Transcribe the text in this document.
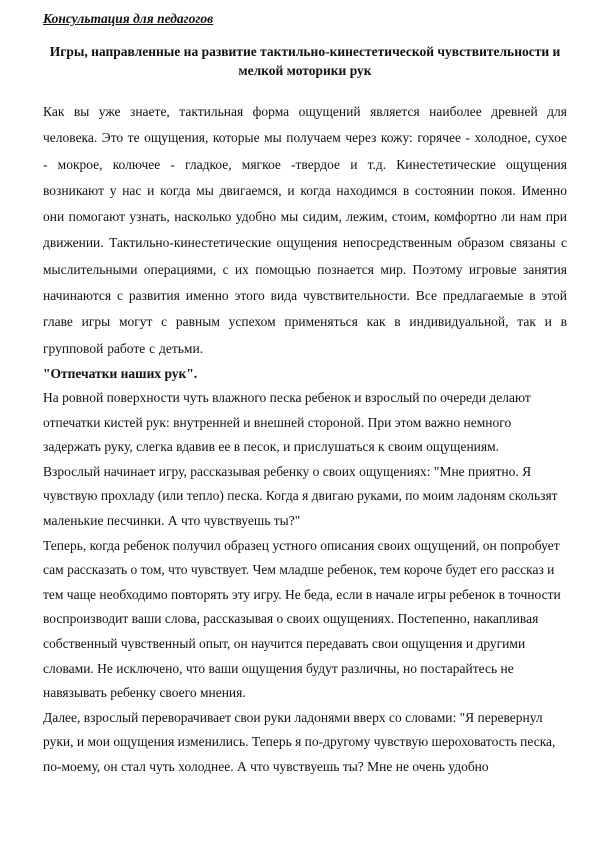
Консультация для педагогов

Игры, направленные на развитие тактильно-кинестетической чувствительности и мелкой моторики рук

Как вы уже знаете, тактильная форма ощущений является наиболее древней для человека. Это те ощущения, которые мы получаем через кожу: горячее - холодное, сухое - мокрое, колючее - гладкое, мягкое -твердое и т.д. Кинестетические ощущения возникают у нас и когда мы двигаемся, и когда находимся в состоянии покоя. Именно они помогают узнать, насколько удобно мы сидим, лежим, стоим, комфортно ли нам при движении. Тактильно-кинестетические ощущения непосредственным образом связаны с мыслительными операциями, с их помощью познается мир. Поэтому игровые занятия начинаются с развития именно этого вида чувствительности. Все предлагаемые в этой главе игры могут с равным успехом применяться как в индивидуальной, так и в групповой работе с детьми.

"Отпечатки наших рук".

На ровной поверхности чуть влажного песка ребенок и взрослый по очереди делают отпечатки кистей рук: внутренней и внешней стороной. При этом важно немного задержать руку, слегка вдавив ее в песок, и прислушаться к своим ощущениям.

Взрослый начинает игру, рассказывая ребенку о своих ощущениях: "Мне приятно. Я чувствую прохладу (или тепло) песка. Когда я двигаю руками, по моим ладоням скользят маленькие песчинки. А что чувствуешь ты?"

Теперь, когда ребенок получил образец устного описания своих ощущений, он попробует сам рассказать о том, что чувствует. Чем младше ребенок, тем короче будет его рассказ и тем чаще необходимо повторять эту игру. Не беда, если в начале игры ребенок в точности воспроизводит ваши слова, рассказывая о своих ощущениях. Постепенно, накапливая собственный чувственный опыт, он научится передавать свои ощущения и другими словами. Не исключено, что ваши ощущения будут различны, но постарайтесь не навязывать ребенку своего мнения.

Далее, взрослый переворачивает свои руки ладонями вверх со словами: "Я перевернул руки, и мои ощущения изменились. Теперь я по-другому чувствую шероховатость песка, по-моему, он стал чуть холоднее. А что чувствуешь ты? Мне не очень удобно
